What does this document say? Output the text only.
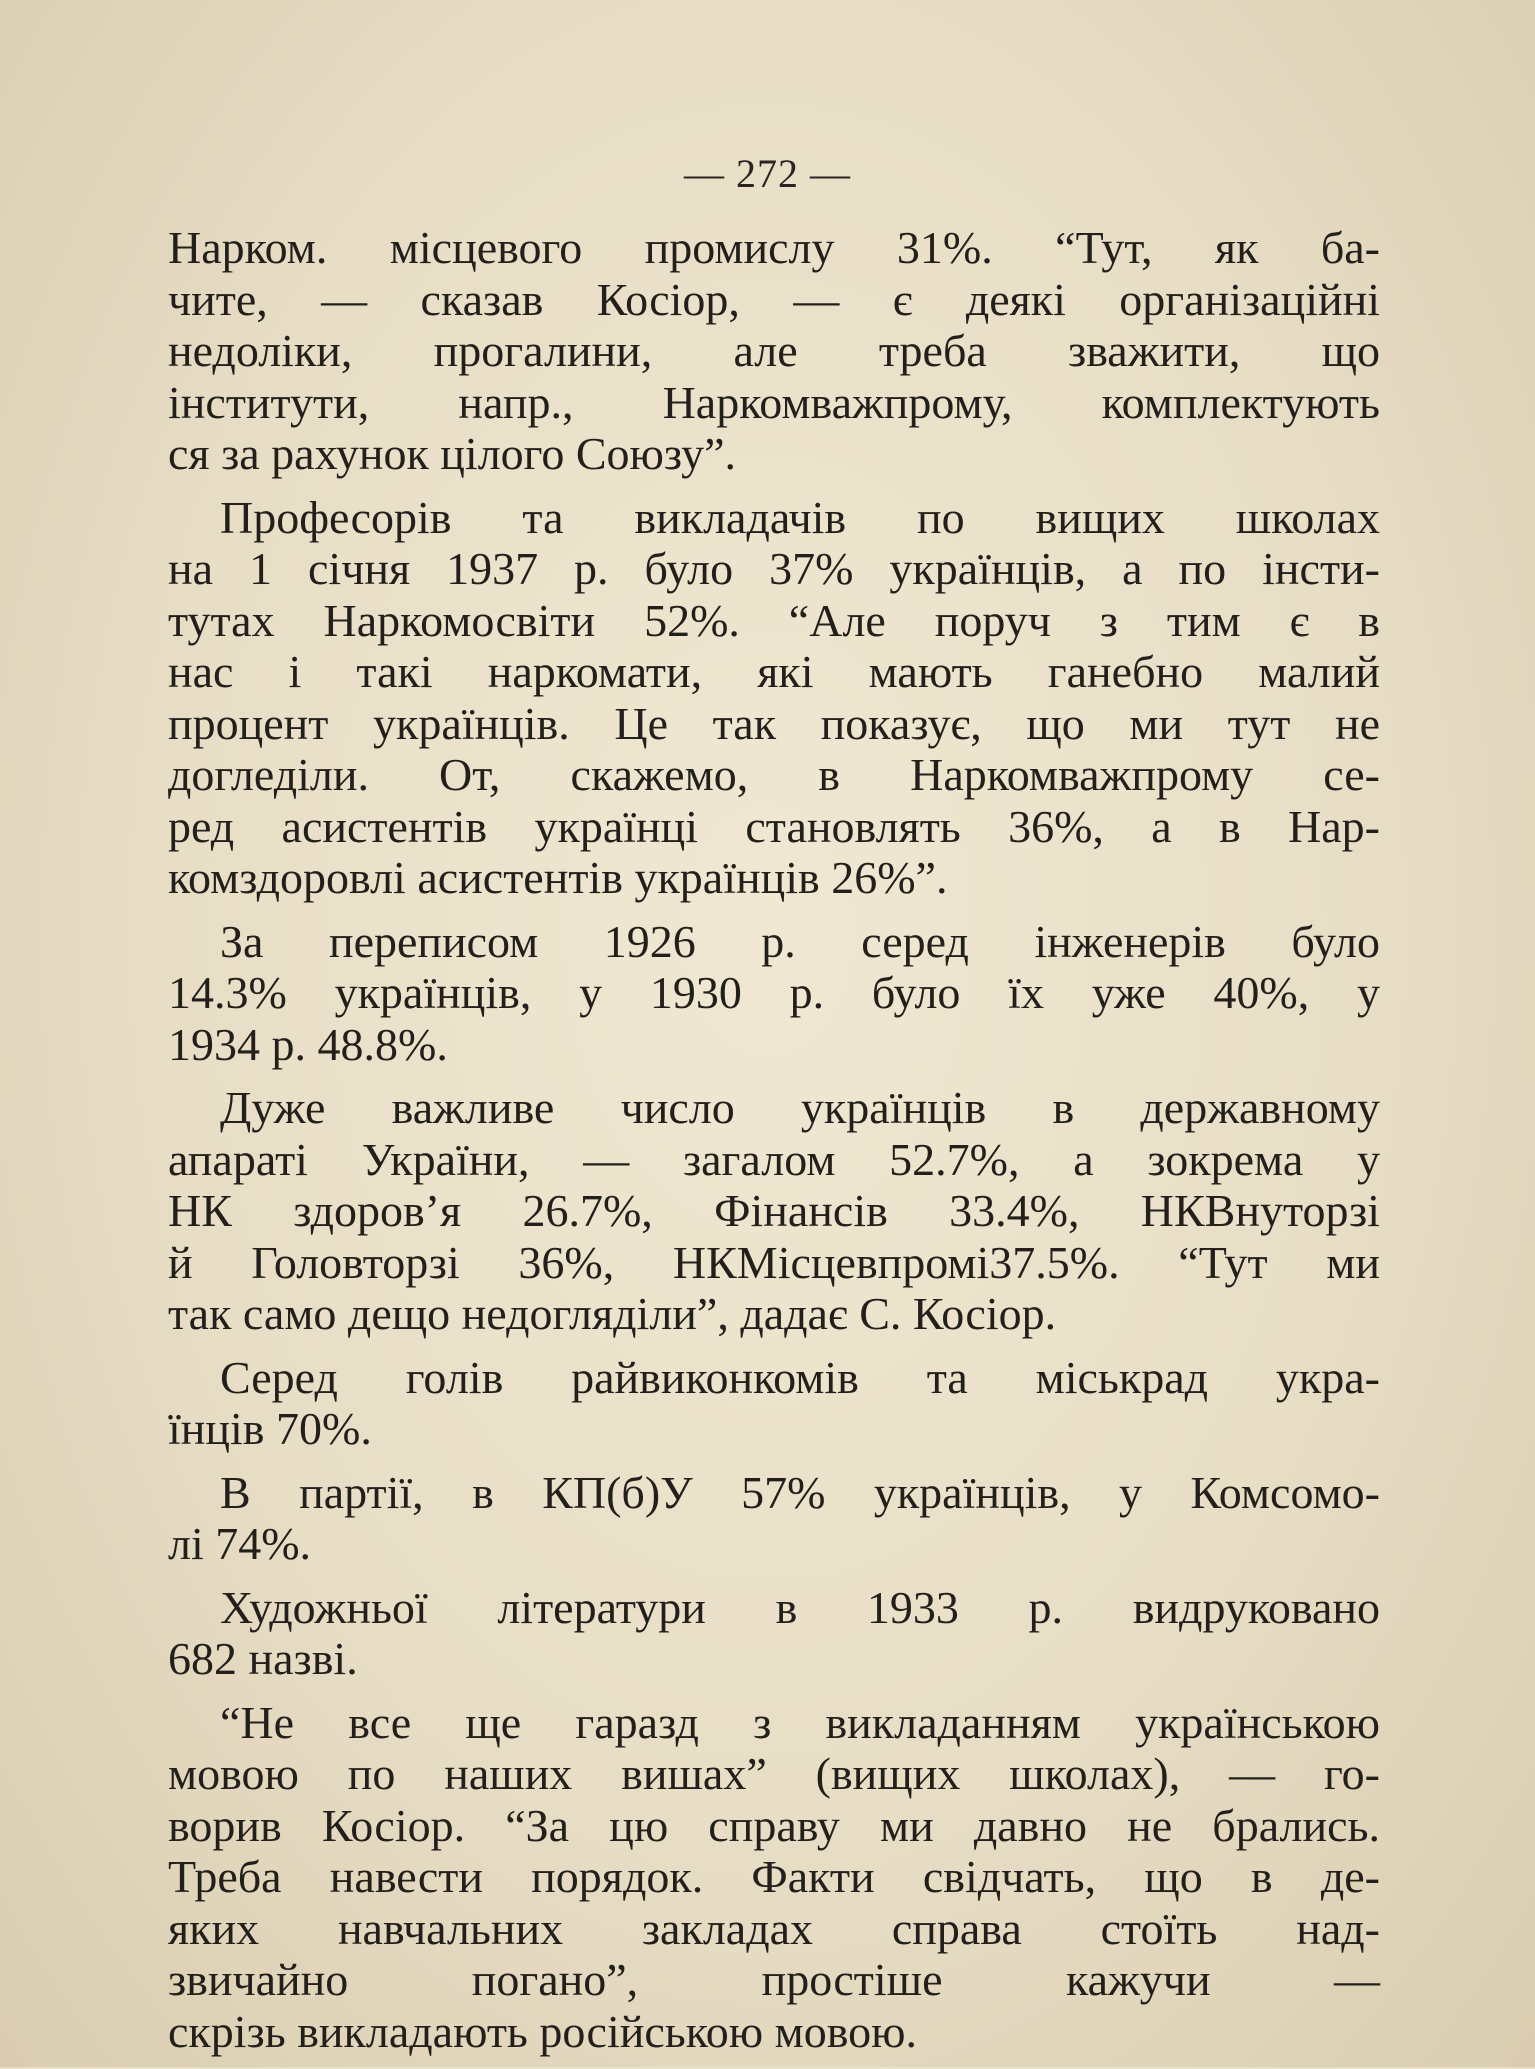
— 272 —

Нарком. місцевого промислу 31%. “Тут, як ба-
чите, — сказав Косіор, — є деякі організаційні
недоліки, прогалини, але треба зважити, що
інститути, напр., Наркомважпрому, комплектують
ся за рахунок цілого Союзу”.

Професорів та викладачів по вищих школах
на 1 січня 1937 р. було 37% українців, а по інсти-
тутах Наркомосвіти 52%. “Але поруч з тим є в
нас і такі наркомати, які мають ганебно малий
процент українців. Це так показує, що ми тут не
догледіли. От, скажемо, в Наркомважпрому се-
ред асистентів українці становлять 36%, а в Нар-
комздоровлі асистентів українців 26%”.

За переписом 1926 р. серед інженерів було
14.3% українців, у 1930 р. було їх уже 40%, у
1934 р. 48.8%.

Дуже важливе число українців в державному
апараті України, — загалом 52.7%, а зокрема у
НК здоров’я 26.7%, Фінансів 33.4%, НКВнуторзі
й Головторзі 36%, НКМісцевпромі37.5%. “Тут ми
так само дещо недогляділи”, дадає С. Косіор.

Серед голів райвиконкомів та міськрад укра-
їнців 70%.

В партії, в КП(б)У 57% українців, у Комсомо-
лі 74%.

Художньої літератури в 1933 р. видруковано
682 назві.

“Не все ще гаразд з викладанням українською
мовою по наших вишах” (вищих школах), — го-
ворив Косіор. “За цю справу ми давно не брались.
Треба навести порядок. Факти свідчать, що в де-
яких навчальних закладах справа стоїть над-
звичайно погано”, простіше кажучи —
скрізь викладають російською мовою.
